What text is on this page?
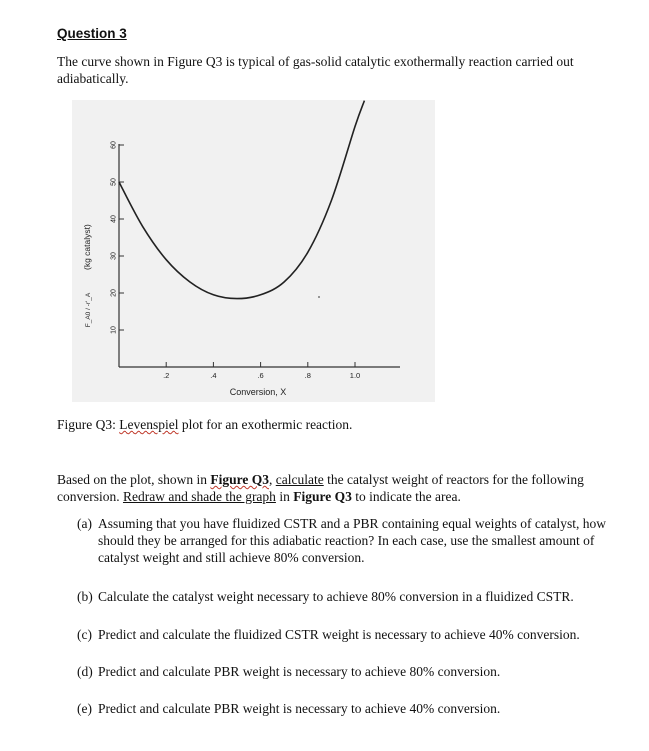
Question 3
The curve shown in Figure Q3 is typical of gas-solid catalytic exothermally reaction carried out adiabatically.
10
20
30
40
50
60
.2	.4	.6	.8	1.0
Conversion, X
(kg catalyst)
F_A0 / -r'_A
Figure Q3: Levenspiel plot for an exothermic reaction.
Based on the plot, shown in Figure Q3, calculate the catalyst weight of reactors for the following conversion. Redraw and shade the graph in Figure Q3 to indicate the area.
(a) Assuming that you have fluidized CSTR and a PBR containing equal weights of catalyst, how should they be arranged for this adiabatic reaction? In each case, use the smallest amount of catalyst weight and still achieve 80% conversion.
(b) Calculate the catalyst weight necessary to achieve 80% conversion in a fluidized CSTR.
(c) Predict and calculate the fluidized CSTR weight is necessary to achieve 40% conversion.
(d) Predict and calculate PBR weight is necessary to achieve 80% conversion.
(e) Predict and calculate PBR weight is necessary to achieve 40% conversion.
